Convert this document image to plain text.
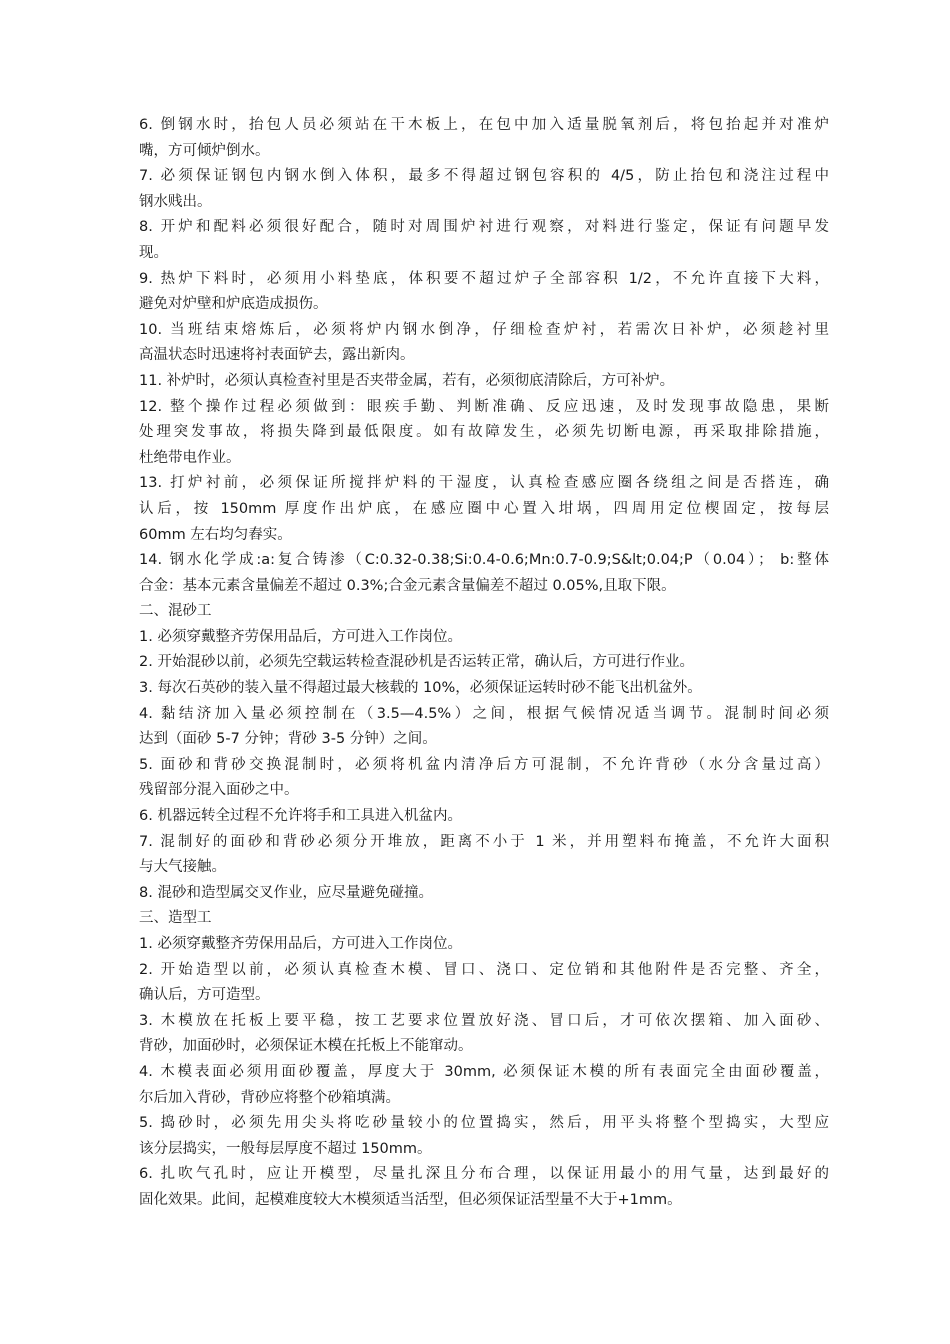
6. 倒钢水时，抬包人员必须站在干木板上，在包中加入适量脱氧剂后，将包抬起并对准炉
嘴，方可倾炉倒水。
7. 必须保证钢包内钢水倒入体积，最多不得超过钢包容积的 4/5，防止抬包和浇注过程中
钢水贱出。
8. 开炉和配料必须很好配合，随时对周围炉衬进行观察，对料进行鉴定，保证有问题早发
现。
9. 热炉下料时，必须用小料垫底，体积要不超过炉子全部容积 1/2，不允许直接下大料，
避免对炉壁和炉底造成损伤。
10. 当班结束熔炼后，必须将炉内钢水倒净，仔细检查炉衬，若需次日补炉，必须趁衬里
高温状态时迅速将衬表面铲去，露出新肉。
11. 补炉时，必须认真检查衬里是否夹带金属，若有，必须彻底清除后，方可补炉。
12. 整个操作过程必须做到：眼疾手勤、判断准确、反应迅速，及时发现事故隐患，果断
处理突发事故，将损失降到最低限度。如有故障发生，必须先切断电源，再采取排除措施，
杜绝带电作业。
13. 打炉衬前，必须保证所搅拌炉料的干湿度，认真检查感应圈各绕组之间是否搭连，确
认后，按 150mm 厚度作出炉底，在感应圈中心置入坩埚，四周用定位楔固定，按每层
60mm 左右均匀舂实。
14. 钢水化学成:a:复合铸渗（C:0.32-0.38;Si:0.4-0.6;Mn:0.7-0.9;S&lt;0.04;P（0.04）； b:整体
合金：基本元素含量偏差不超过 0.3%;合金元素含量偏差不超过 0.05%,且取下限。
二、混砂工
1. 必须穿戴整齐劳保用品后，方可进入工作岗位。
2. 开始混砂以前，必须先空载运转检查混砂机是否运转正常，确认后，方可进行作业。
3. 每次石英砂的装入量不得超过最大核载的 10%，必须保证运转时砂不能飞出机盆外。
4. 黏结济加入量必须控制在（3.5—4.5%）之间，根据气候情况适当调节。混制时间必须
达到（面砂 5-7 分钟；背砂 3-5 分钟）之间。
5. 面砂和背砂交换混制时，必须将机盆内清净后方可混制，不允许背砂（水分含量过高）
残留部分混入面砂之中。
6. 机器远转全过程不允许将手和工具进入机盆内。
7. 混制好的面砂和背砂必须分开堆放，距离不小于 1 米，并用塑料布掩盖，不允许大面积
与大气接触。
8. 混砂和造型属交叉作业，应尽量避免碰撞。
三、造型工
1. 必须穿戴整齐劳保用品后，方可进入工作岗位。
2. 开始造型以前，必须认真检查木模、冒口、浇口、定位销和其他附件是否完整、齐全，
确认后，方可造型。
3. 木模放在托板上要平稳，按工艺要求位置放好浇、冒口后，才可依次摆箱、加入面砂、
背砂，加面砂时，必须保证木模在托板上不能窜动。
4. 木模表面必须用面砂覆盖，厚度大于 30mm, 必须保证木模的所有表面完全由面砂覆盖，
尔后加入背砂，背砂应将整个砂箱填满。
5. 捣砂时，必须先用尖头将吃砂量较小的位置捣实，然后，用平头将整个型捣实，大型应
该分层捣实，一般每层厚度不超过 150mm。
6. 扎吹气孔时，应让开模型，尽量扎深且分布合理，以保证用最小的用气量，达到最好的
固化效果。此间，起模难度较大木模须适当活型，但必须保证活型量不大于+1mm。
